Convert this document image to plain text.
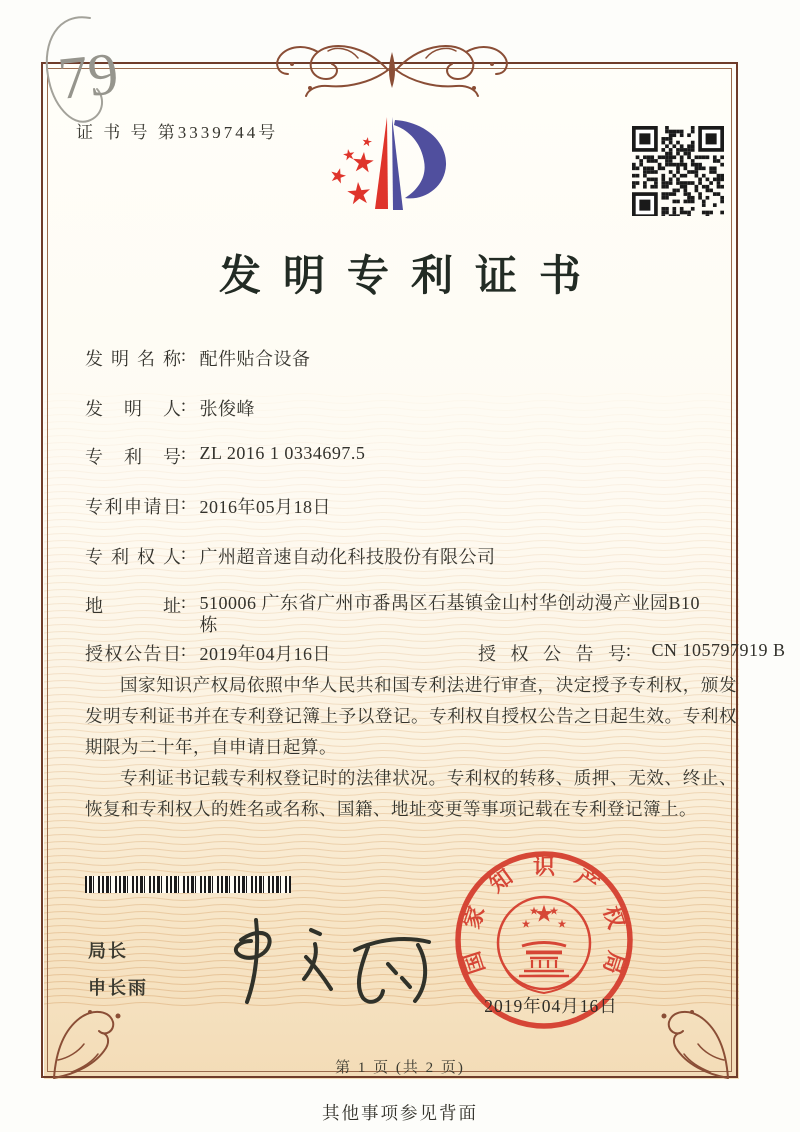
79
证 书 号 第3339744号
发明专利证书
发明名称: 配件贴合设备
发明人: 张俊峰
专利号: ZL 2016 1 0334697.5
专利申请日: 2016年05月18日
专利权人: 广州超音速自动化科技股份有限公司
地址: 510006 广东省广州市番禺区石基镇金山村华创动漫产业园B10栋
授权公告日: 2019年04月16日	授权公告号: CN 105797919 B

国家知识产权局依照中华人民共和国专利法进行审查，决定授予专利权，颁发发明专利证书并在专利登记簿上予以登记。专利权自授权公告之日起生效。专利权期限为二十年，自申请日起算。

专利证书记载专利权登记时的法律状况。专利权的转移、质押、无效、终止、恢复和专利权人的姓名或名称、国籍、地址变更等事项记载在专利登记簿上。

局长
申长雨
国
家
知 识 产
权
局
2019年04月16日
第 1 页 (共 2 页)
其他事项参见背面
